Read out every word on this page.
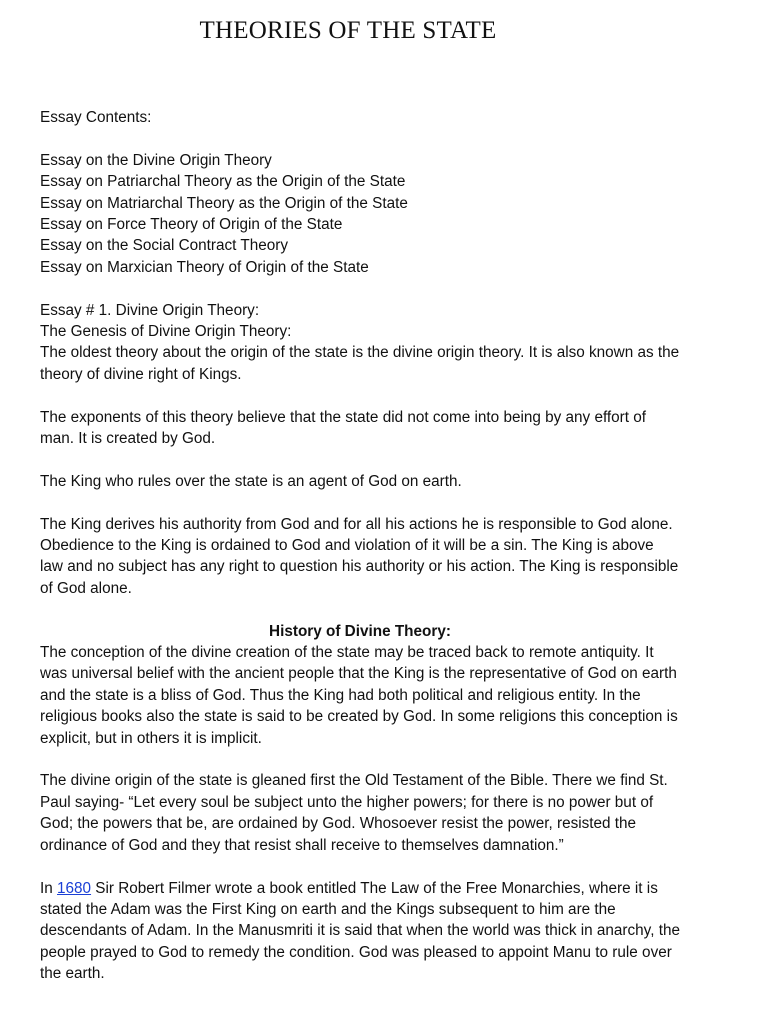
THEORIES OF THE STATE

Essay Contents:

Essay on the Divine Origin Theory

Essay on Patriarchal Theory as the Origin of the State

Essay on Matriarchal Theory as the Origin of the State

Essay on Force Theory of Origin of the State

Essay on the Social Contract Theory

Essay on Marxician Theory of Origin of the State

Essay # 1. Divine Origin Theory:

The Genesis of Divine Origin Theory:

The oldest theory about the origin of the state is the divine origin theory. It is also known as the theory of divine right of Kings.

The exponents of this theory believe that the state did not come into being by any effort of man. It is created by God.

The King who rules over the state is an agent of God on earth.

The King derives his authority from God and for all his actions he is responsible to God alone. Obedience to the King is ordained to God and violation of it will be a sin. The King is above law and no subject has any right to question his authority or his action. The King is responsible of God alone.

History of Divine Theory:

The conception of the divine creation of the state may be traced back to remote antiquity. It was universal belief with the ancient people that the King is the representative of God on earth and the state is a bliss of God. Thus the King had both political and religious entity. In the religious books also the state is said to be created by God. In some religions this conception is explicit, but in others it is implicit.

The divine origin of the state is gleaned first the Old Testament of the Bible. There we find St. Paul saying- “Let every soul be subject unto the higher powers; for there is no power but of God; the powers that be, are ordained by God. Whosoever resist the power, resisted the ordinance of God and they that resist shall receive to themselves damnation.”

In 1680 Sir Robert Filmer wrote a book entitled The Law of the Free Monarchies, where it is stated the Adam was the First King on earth and the Kings subsequent to him are the descendants of Adam. In the Manusmriti it is said that when the world was thick in anarchy, the people prayed to God to remedy the condition. God was pleased to appoint Manu to rule over the earth.
